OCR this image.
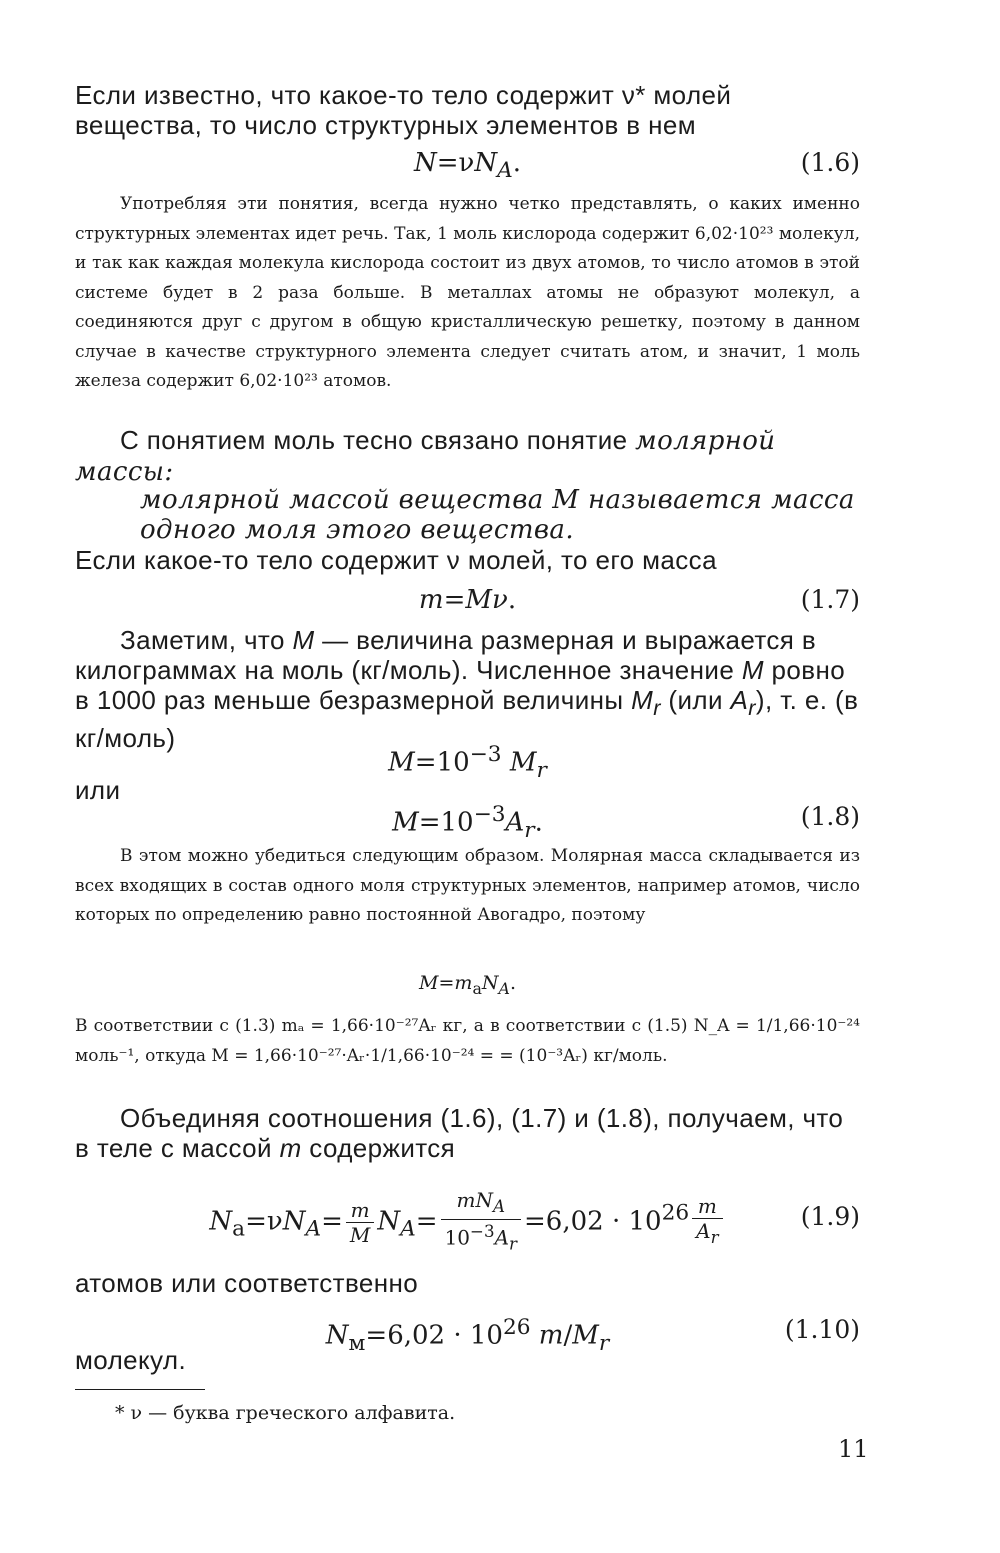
Если известно, что какое-то тело содержит ν* молей вещества, то число структурных элементов в нем

$N=\nu N_A$.	(1.6)

Употребляя эти понятия, всегда нужно четко представлять, о каких именно структурных элементах идет речь. Так, 1 моль кислорода содержит 6,02·10²³ молекул, и так как каждая молекула кислорода состоит из двух атомов, то число атомов в этой системе будет в 2 раза больше. В металлах атомы не образуют молекул, а соединяются друг с другом в общую кристаллическую решетку, поэтому в данном случае в качестве структурного элемента следует считать атом, и значит, 1 моль железа содержит 6,02·10²³ атомов.

С понятием моль тесно связано понятие молярной массы:

молярной массой вещества М называется масса одного моля этого вещества.

Если какое-то тело содержит ν молей, то его масса

m=Mν.	(1.7)

Заметим, что М — величина размерная и выражается в килограммах на моль (кг/моль). Численное значение М ровно в 1000 раз меньше безразмерной величины $M_r$ (или $A_r$), т. е. (в кг/моль)

$M=10^{-3}$ $M_r$

или

$M=10^{-3}A_r$.	(1.8)

В этом можно убедиться следующим образом. Молярная масса складывается из всех входящих в состав одного моля структурных элементов, например атомов, число которых по определению равно постоянной Авогадро, поэтому

$M=m_aN_A$.

В соответствии с (1.3) mₐ = 1,66·10⁻²⁷Aᵣ кг, а в соответствии с (1.5) N_A = 1/1,66·10⁻²⁴ моль⁻¹, откуда M = 1,66·10⁻²⁷·Aᵣ·1/1,66·10⁻²⁴ = = (10⁻³Aᵣ) кг/моль.

Объединяя соотношения (1.6), (1.7) и (1.8), получаем, что в теле с массой m содержится

$N_a=\nu N_A= \frac{m}{M} N_A= \frac{mN_A}{10^{-3}A_r} =6,02 \cdot 10^{26} \frac{m}{A_r}$	(1.9)

атомов или соответственно

$N_м=6,02 \cdot 10^{26}$ $m/M_r$	(1.10)

молекул.

* ν — буква греческого алфавита.
11
